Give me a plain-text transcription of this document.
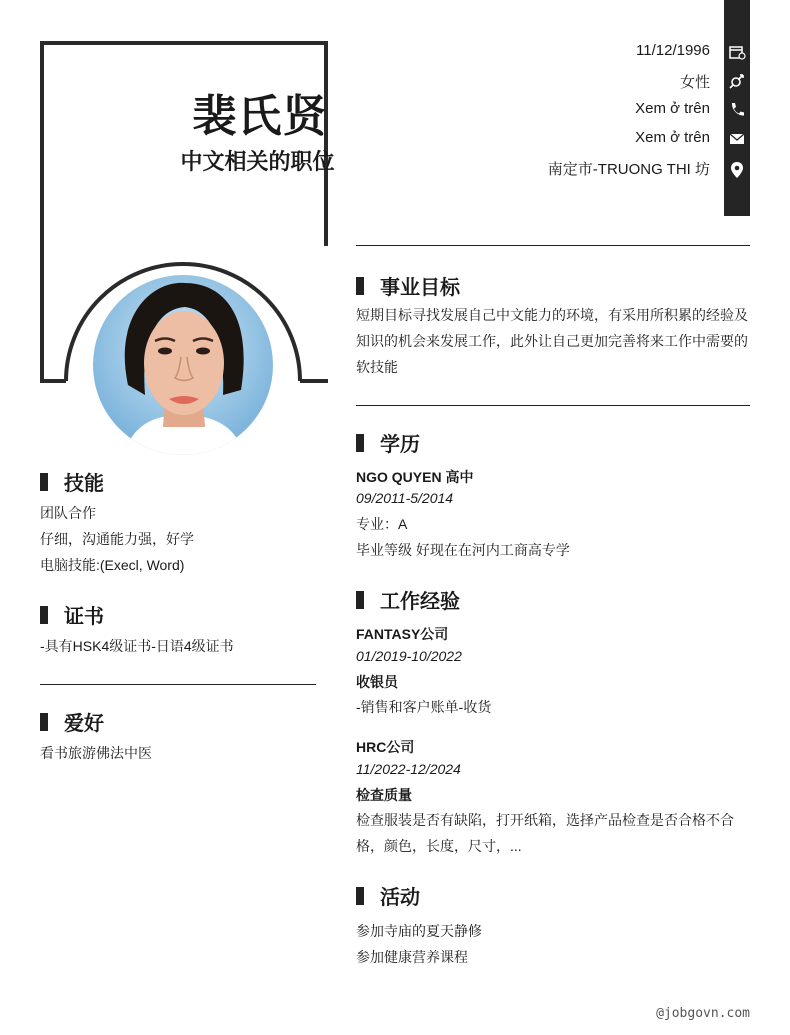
裴氏贤
中文相关的职位
11/12/1996
女性
Xem ở trên
Xem ở trên
南定市-TRUONG THI 坊
事业目标
短期目标寻找发展自己中文能力的环境，有采用所积累的经验及
知识的机会来发展工作，此外让自己更加完善将来工作中需要的
软技能
学历
NGO QUYEN 高中
09/2011-5/2014
专业：A
毕业等级 好现在在河内工商高专学
工作经验
FANTASY公司
01/2019-10/2022
收银员
-销售和客户账单-收货
HRC公司
11/2022-12/2024
检查质量
检查服装是否有缺陷，打开纸箱，选择产品检查是否合格不合
格，颜色，长度，尺寸，...
活动
参加寺庙的夏天静修
参加健康营养课程
技能
团队合作
仔细，沟通能力强，好学
电脑技能:(Execl, Word)
证书
-具有HSK4级证书-日语4级证书
爱好
看书旅游佛法中医
@jobgovn.com
